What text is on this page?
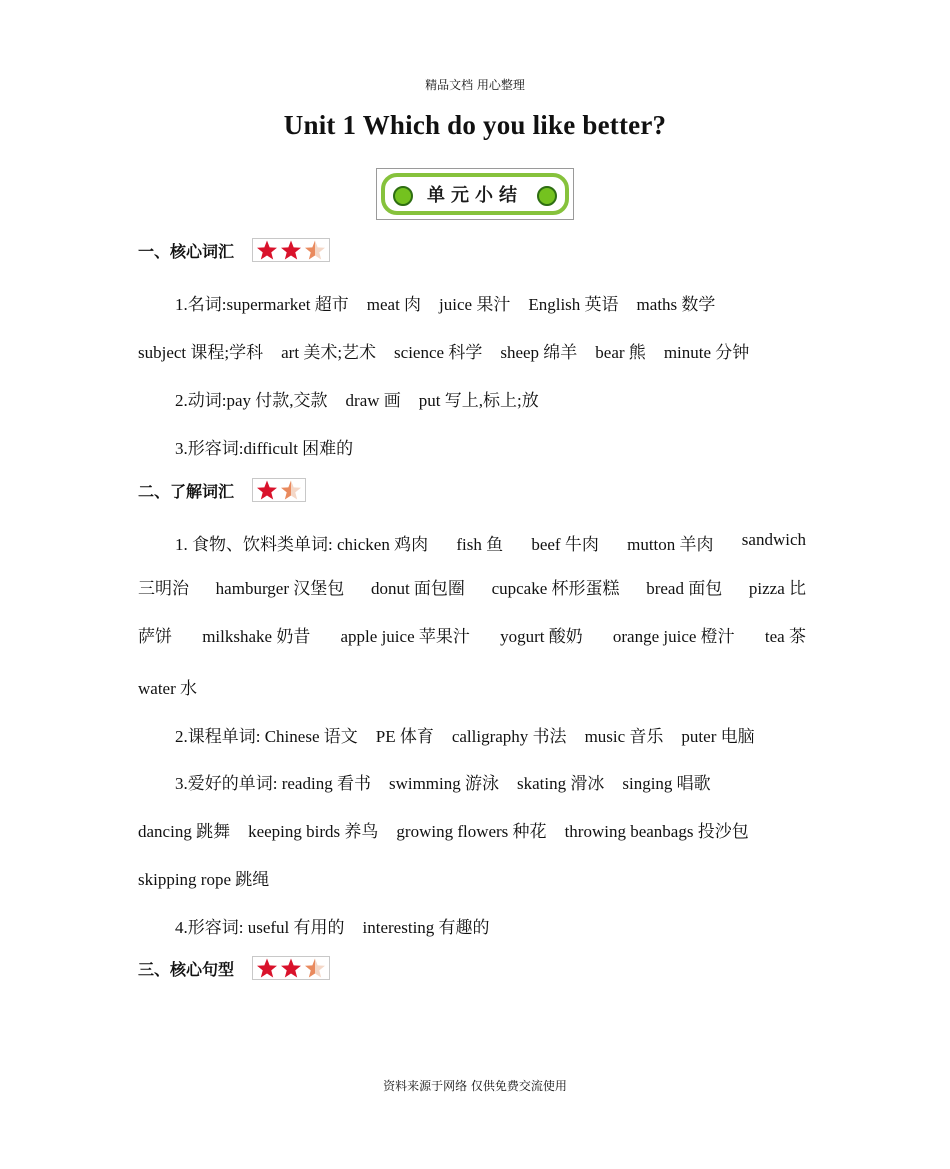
精品文档 用心整理
Unit 1 Which do you like better?
单元小结
一、核心词汇
1.名词:supermarket 超市 meat 肉 juice 果汁 English 英语 maths 数学
subject 课程;学科 art 美术;艺术 science 科学 sheep 绵羊 bear 熊 minute 分钟
2.动词:pay 付款,交款 draw 画 put 写上,标上;放
3.形容词:difficult 困难的
二、了解词汇
1. 食物、饮料类单词: chicken 鸡肉 fish 鱼 beef 牛肉 mutton 羊肉 sandwich
三明治 hamburger 汉堡包 donut 面包圈 cupcake 杯形蛋糕 bread 面包 pizza 比
萨饼 milkshake 奶昔 apple juice 苹果汁 yogurt 酸奶 orange juice 橙汁 tea 茶
water 水
2.课程单词: Chinese 语文 PE 体育 calligraphy 书法 music 音乐 puter 电脑
3.爱好的单词: reading 看书 swimming 游泳 skating 滑冰 singing 唱歌
dancing 跳舞 keeping birds 养鸟 growing flowers 种花 throwing beanbags 投沙包
skipping rope 跳绳
4.形容词: useful 有用的 interesting 有趣的
三、核心句型
资料来源于网络 仅供免费交流使用
